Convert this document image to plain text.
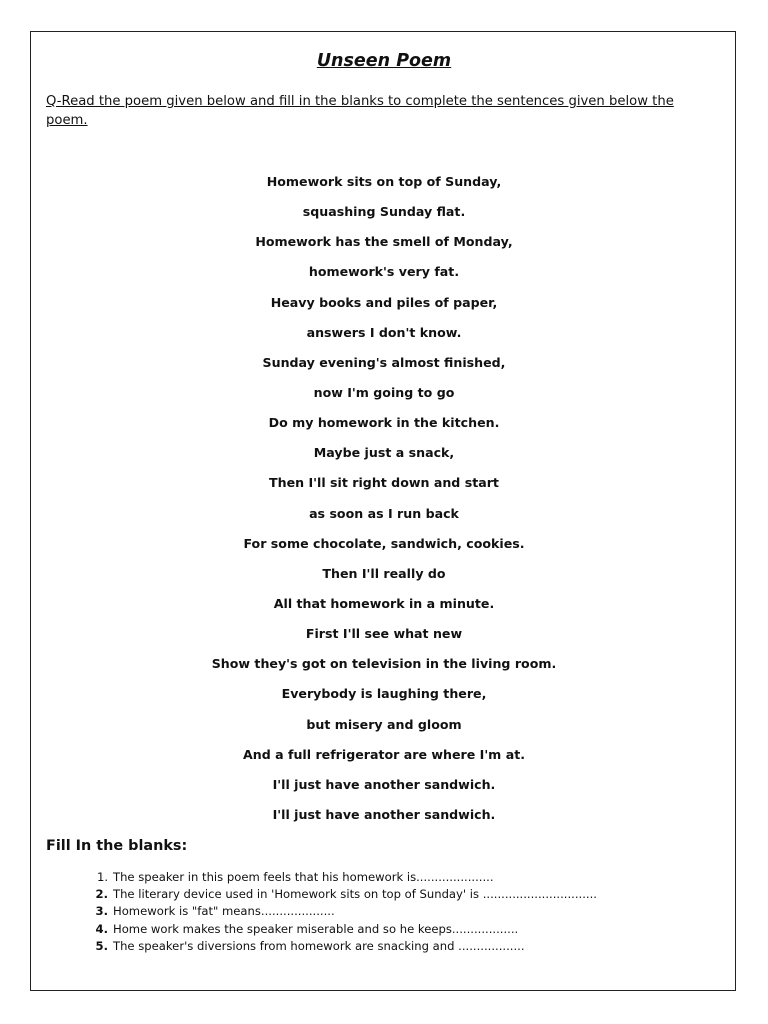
Unseen Poem
Q-Read the poem given below and fill in the blanks to complete the sentences given below the poem.
Homework sits on top of Sunday,
squashing Sunday flat.
Homework has the smell of Monday,
homework's very fat.
Heavy books and piles of paper,
answers I don't know.
Sunday evening's almost finished,
now I'm going to go
Do my homework in the kitchen.
Maybe just a snack,
Then I'll sit right down and start
as soon as I run back
For some chocolate, sandwich, cookies.
Then I'll really do
All that homework in a minute.
First I'll see what new
Show they's got on television in the living room.
Everybody is laughing there,
but misery and gloom
And a full refrigerator are where I'm at.
I'll just have another sandwich.
I'll just have another sandwich.
Fill In the blanks:
1. The speaker in this poem feels that his homework is.....................
2. The literary device used in 'Homework sits on top of Sunday' is ...............................
3. Homework is "fat" means....................
4. Home work makes the speaker miserable and so he keeps..................
5. The speaker's diversions from homework are snacking and ..................
